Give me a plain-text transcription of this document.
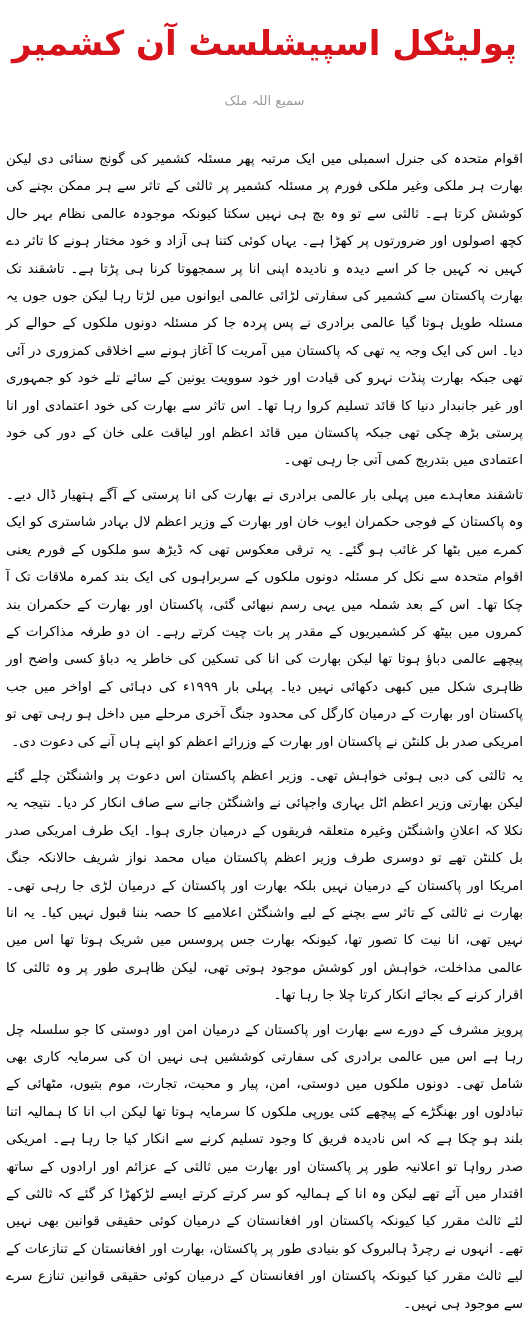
پولیٹکل اسپیشلسٹ آن کشمیر
سمیع اللہ ملک

اقوام متحدہ کی جنرل اسمبلی میں ایک مرتبہ پھر مسئلہ کشمیر کی گونج سنائی دی لیکن بھارت ہر ملکی وغیر ملکی فورم پر مسئلہ کشمیر پر ثالثی کے تاثر سے ہر ممکن بچنے کی کوشش کرتا ہے۔ ثالثی سے تو وہ بچ ہی نہیں سکتا کیونکہ موجودہ عالمی نظام بہر حال کچھ اصولوں اور ضرورتوں پر کھڑا ہے۔ یہاں کوئی کتنا ہی آزاد و خود مختار ہونے کا تاثر دے کہیں نہ کہیں جا کر اسے دیدہ و نادیدہ اپنی انا پر سمجھوتا کرنا ہی پڑتا ہے۔ تاشقند تک بھارت پاکستان سے کشمیر کی سفارتی لڑائی عالمی ایوانوں میں لڑتا رہا لیکن جوں جوں یہ مسئلہ طویل ہوتا گیا عالمی برادری نے پس پردہ جا کر مسئلہ دونوں ملکوں کے حوالے کر دیا۔ اس کی ایک وجہ یہ تھی کہ پاکستان میں آمریت کا آغاز ہونے سے اخلاقی کمزوری در آئی تھی جبکہ بھارت پنڈت نہرو کی قیادت اور خود سوویت یونین کے سائے تلے خود کو جمہوری اور غیر جانبدار دنیا کا قائد تسلیم کروا رہا تھا۔ اس تاثر سے بھارت کی خود اعتمادی اور انا پرستی بڑھ چکی تھی جبکہ پاکستان میں قائد اعظم اور لیاقت علی خان کے دور کی خود اعتمادی میں بتدریج کمی آتی جا رہی تھی۔

تاشقند معاہدے میں پہلی بار عالمی برادری نے بھارت کی انا پرستی کے آگے ہتھیار ڈال دیے۔ وہ پاکستان کے فوجی حکمران ایوب خان اور بھارت کے وزیر اعظم لال بہادر شاستری کو ایک کمرے میں بٹھا کر غائب ہو گئے۔ یہ ترقی معکوس تھی کہ ڈیڑھ سو ملکوں کے فورم یعنی اقوام متحدہ سے نکل کر مسئلہ دونوں ملکوں کے سربراہوں کی ایک بند کمرہ ملاقات تک آ چکا تھا۔ اس کے بعد شملہ میں یہی رسم نبھائی گئی، پاکستان اور بھارت کے حکمران بند کمروں میں بیٹھ کر کشمیریوں کے مقدر پر بات چیت کرتے رہے۔ ان دو طرفہ مذاکرات کے پیچھے عالمی دباؤ ہوتا تھا لیکن بھارت کی انا کی تسکین کی خاطر یہ دباؤ کسی واضح اور ظاہری شکل میں کبھی دکھائی نہیں دیا۔ پہلی بار ۱۹۹۹ء کی دہائی کے اواخر میں جب پاکستان اور بھارت کے درمیان کارگل کی محدود جنگ آخری مرحلے میں داخل ہو رہی تھی تو امریکی صدر بل کلنٹن نے پاکستان اور بھارت کے وزرائے اعظم کو اپنے ہاں آنے کی دعوت دی۔

یہ ثالثی کی دبی ہوئی خواہش تھی۔ وزیر اعظم پاکستان اس دعوت پر واشنگٹن چلے گئے لیکن بھارتی وزیر اعظم اٹل بہاری واجپائی نے واشنگٹن جانے سے صاف انکار کر دیا۔ نتیجہ یہ نکلا کہ اعلانِ واشنگٹن وغیرہ متعلقہ فریقوں کے درمیان جاری ہوا۔ ایک طرف امریکی صدر بل کلنٹن تھے تو دوسری طرف وزیر اعظم پاکستان میاں محمد نواز شریف حالانکہ جنگ امریکا اور پاکستان کے درمیان نہیں بلکہ بھارت اور پاکستان کے درمیان لڑی جا رہی تھی۔ بھارت نے ثالثی کے تاثر سے بچنے کے لیے واشنگٹن اعلامیے کا حصہ بننا قبول نہیں کیا۔ یہ انا نہیں تھی، انا نیت کا تصور تھا، کیونکہ بھارت جس پروسس میں شریک ہوتا تھا اس میں عالمی مداخلت، خواہش اور کوشش موجود ہوتی تھی، لیکن ظاہری طور پر وہ ثالثی کا اقرار کرنے کے بجائے انکار کرتا چلا جا رہا تھا۔

پرویز مشرف کے دورے سے بھارت اور پاکستان کے درمیان امن اور دوستی کا جو سلسلہ چل رہا ہے اس میں عالمی برادری کی سفارتی کوششیں ہی نہیں ان کی سرمایہ کاری بھی شامل تھی۔ دونوں ملکوں میں دوستی، امن، پیار و محبت، تجارت، موم بتیوں، مٹھائی کے تبادلوں اور بھنگڑے کے پیچھے کئی یورپی ملکوں کا سرمایہ ہوتا تھا لیکن اب انا کا ہمالیہ اتنا بلند ہو چکا ہے کہ اس نادیدہ فریق کا وجود تسلیم کرنے سے انکار کیا جا رہا ہے۔ امریکی صدر رواہا تو اعلانیہ طور پر پاکستان اور بھارت میں ثالثی کے عزائم اور ارادوں کے ساتھ اقتدار میں آئے تھے لیکن وہ انا کے ہمالیہ کو سر کرتے کرتے ایسے لڑکھڑا کر گئے کہ ثالثی کے لئے ثالث مقرر کیا کیونکہ پاکستان اور افغانستان کے درمیان کوئی حقیقی قوانین بھی نہیں تھے۔ انہوں نے رچرڈ ہالبروک کو بنیادی طور پر پاکستان، بھارت اور افغانستان کے تنازعات کے لیے ثالث مقرر کیا کیونکہ پاکستان اور افغانستان کے درمیان کوئی حقیقی قوانین تنازع سرے سے موجود ہی نہیں۔
